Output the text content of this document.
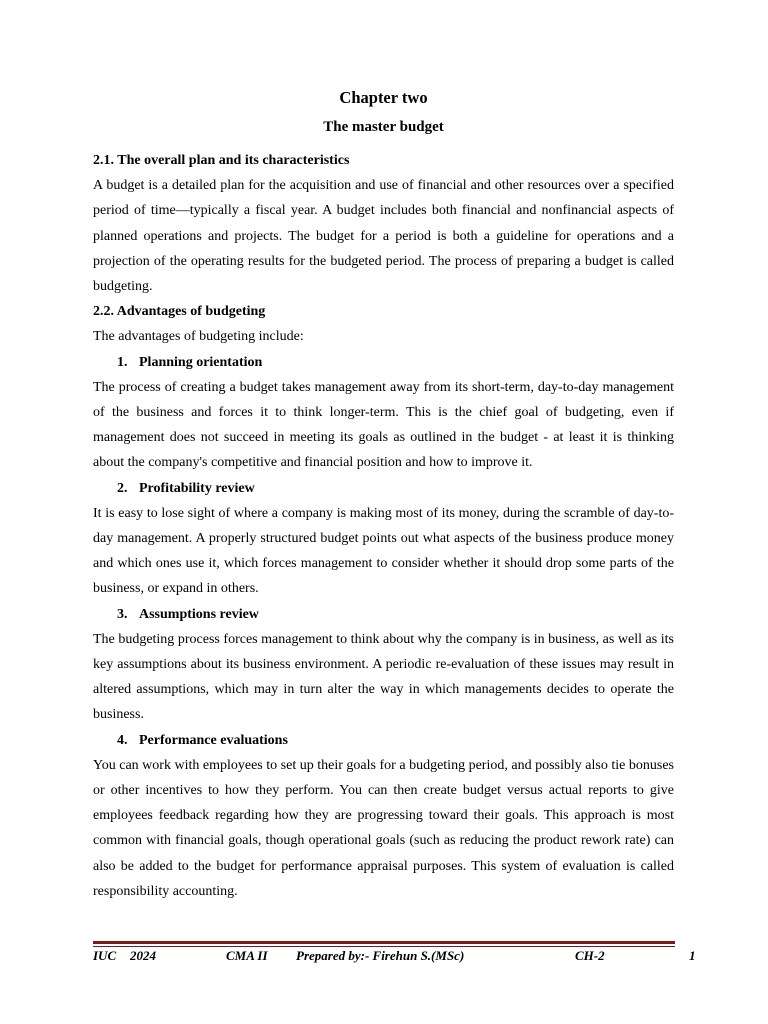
Chapter two
The master budget

2.1. The overall plan and its characteristics

A budget is a detailed plan for the acquisition and use of financial and other resources over a specified period of time—typically a fiscal year. A budget includes both financial and nonfinancial aspects of planned operations and projects. The budget for a period is both a guideline for operations and a projection of the operating results for the budgeted period. The process of preparing a budget is called budgeting.

2.2. Advantages of budgeting

The advantages of budgeting include:

1. Planning orientation

The process of creating a budget takes management away from its short-term, day-to-day management of the business and forces it to think longer-term. This is the chief goal of budgeting, even if management does not succeed in meeting its goals as outlined in the budget - at least it is thinking about the company's competitive and financial position and how to improve it.

2. Profitability review

It is easy to lose sight of where a company is making most of its money, during the scramble of day-to-day management. A properly structured budget points out what aspects of the business produce money and which ones use it, which forces management to consider whether it should drop some parts of the business, or expand in others.

3. Assumptions review

The budgeting process forces management to think about why the company is in business, as well as its key assumptions about its business environment. A periodic re-evaluation of these issues may result in altered assumptions, which may in turn alter the way in which managements decides to operate the business.

4. Performance evaluations

You can work with employees to set up their goals for a budgeting period, and possibly also tie bonuses or other incentives to how they perform. You can then create budget versus actual reports to give employees feedback regarding how they are progressing toward their goals. This approach is most common with financial goals, though operational goals (such as reducing the product rework rate) can also be added to the budget for performance appraisal purposes. This system of evaluation is called responsibility accounting.

IUC 2024	CMA II Prepared by:- Firehun S.(MSc)	CH-2	1
